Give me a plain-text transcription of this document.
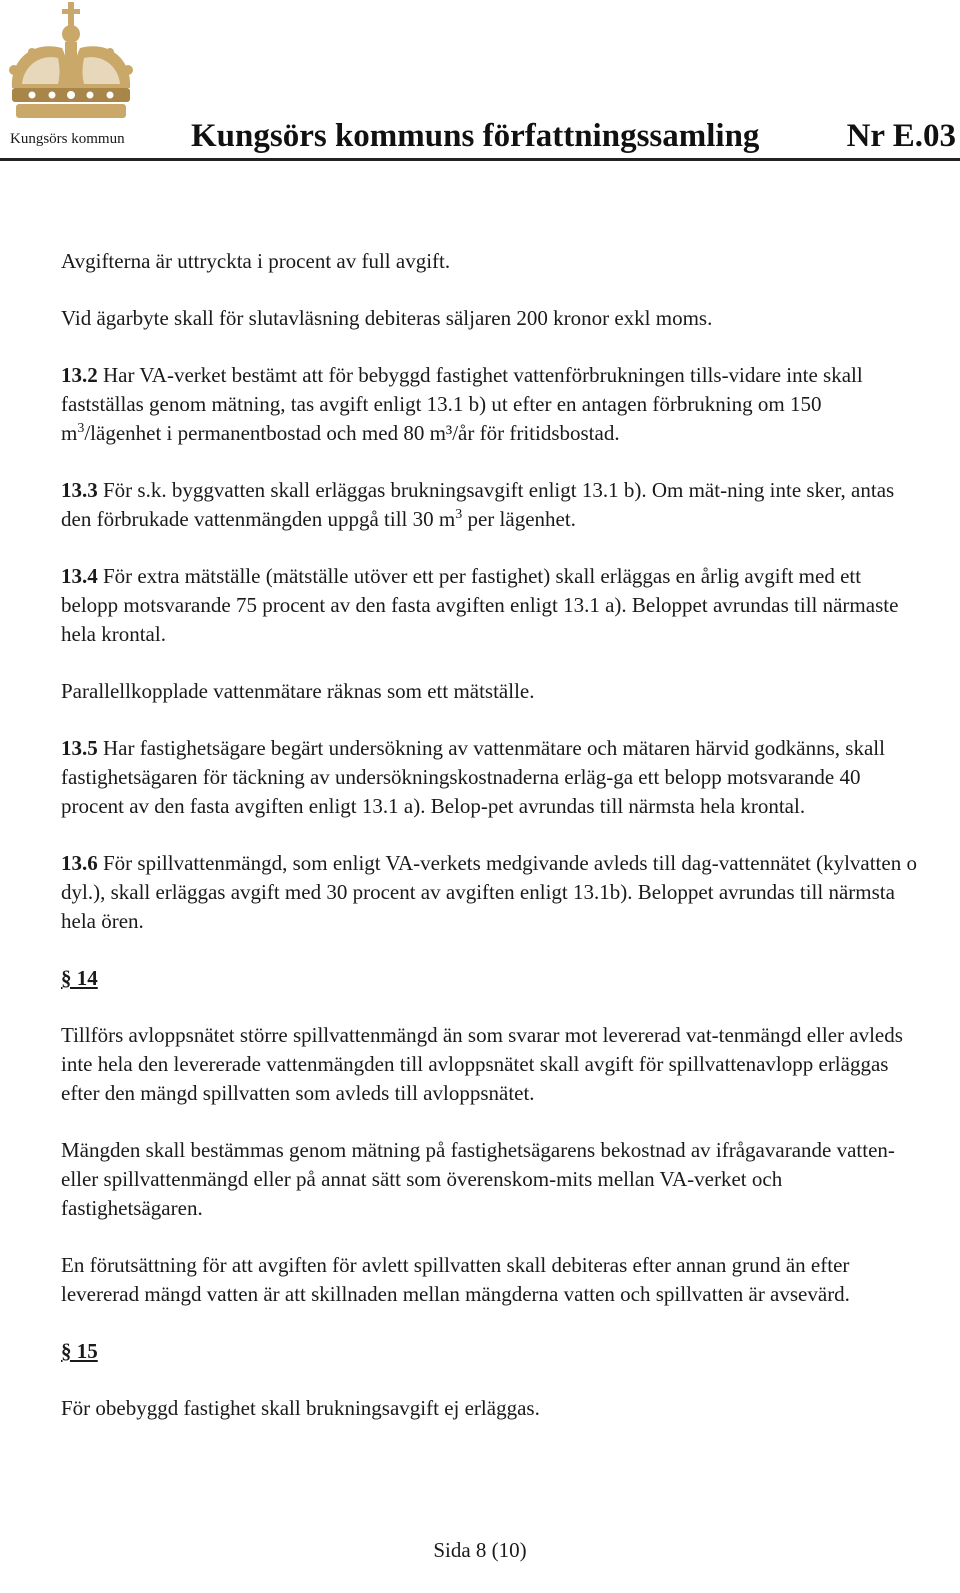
Kungsörs kommun Kungsörs kommuns författningssamling	Nr E.03

Avgifterna är uttryckta i procent av full avgift.

Vid ägarbyte skall för slutavläsning debiteras säljaren 200 kronor exkl moms.

13.2 Har VA-verket bestämt att för bebyggd fastighet vattenförbrukningen tills-vidare inte skall fastställas genom mätning, tas avgift enligt 13.1 b) ut efter en antagen förbrukning om 150 $m^3$/lägenhet i permanentbostad och med 80 m³/år för fritidsbostad.

13.3 För s.k. byggvatten skall erläggas brukningsavgift enligt 13.1 b). Om mät-ning inte sker, antas den förbrukade vattenmängden uppgå till 30 $m^3$ per lägenhet.

13.4 För extra mätställe (mätställe utöver ett per fastighet) skall erläggas en årlig avgift med ett belopp motsvarande 75 procent av den fasta avgiften enligt 13.1 a). Beloppet avrundas till närmaste hela krontal.

Parallellkopplade vattenmätare räknas som ett mätställe.

13.5 Har fastighetsägare begärt undersökning av vattenmätare och mätaren härvid godkänns, skall fastighetsägaren för täckning av undersökningskostnaderna erläg-ga ett belopp motsvarande 40 procent av den fasta avgiften enligt 13.1 a). Belop-pet avrundas till närmsta hela krontal.

13.6 För spillvattenmängd, som enligt VA-verkets medgivande avleds till dag-vattennätet (kylvatten o dyl.), skall erläggas avgift med 30 procent av avgiften enligt 13.1b). Beloppet avrundas till närmsta hela ören.

§ 14

Tillförs avloppsnätet större spillvattenmängd än som svarar mot levererad vat-tenmängd eller avleds inte hela den levererade vattenmängden till avloppsnätet skall avgift för spillvattenavlopp erläggas efter den mängd spillvatten som avleds till avloppsnätet.

Mängden skall bestämmas genom mätning på fastighetsägarens bekostnad av ifrågavarande vatten- eller spillvattenmängd eller på annat sätt som överenskom-mits mellan VA-verket och fastighetsägaren.

En förutsättning för att avgiften för avlett spillvatten skall debiteras efter annan grund än efter levererad mängd vatten är att skillnaden mellan mängderna vatten och spillvatten är avsevärd.

§ 15

För obebyggd fastighet skall brukningsavgift ej erläggas.

Sida 8 (10)
